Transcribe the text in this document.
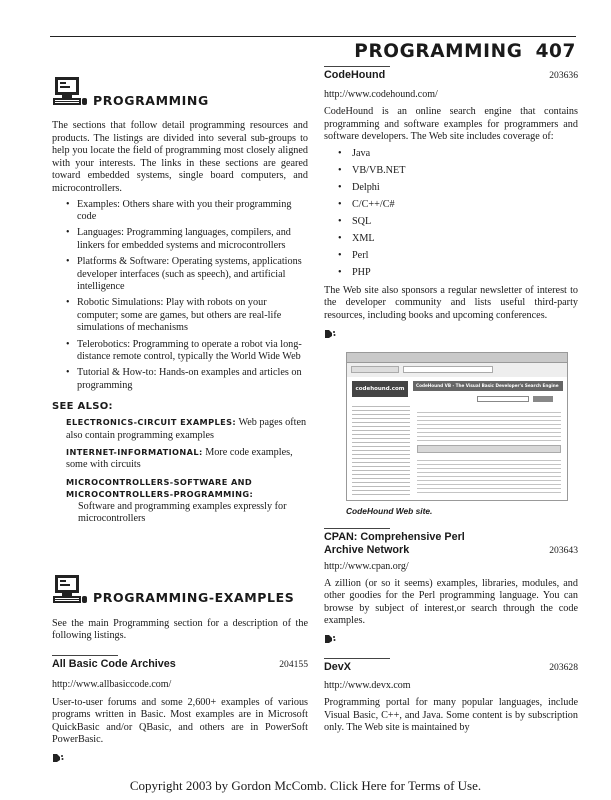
PROGRAMMING 407
PROGRAMMING

The sections that follow detail programming resources and products. The listings are divided into several sub-groups to help you locate the field of programming most closely aligned with your interests. The links in these sections are geared toward embedded systems, single board computers, and microcontrollers.

• Examples: Others share with you their programming code
• Languages: Programming languages, compilers, and linkers for embedded systems and microcontrollers
• Platforms & Software: Operating systems, applications developer interfaces (such as speech), and artificial intelligence
• Robotic Simulations: Play with robots on your computer; some are games, but others are real-life simulations of mechanisms
• Telerobotics: Programming to operate a robot via long-distance remote control, typically the World Wide Web
• Tutorial & How-to: Hands-on examples and articles on programming
SEE ALSO:
ELECTRONICS-CIRCUIT EXAMPLES: Web pages often also contain programming examples
INTERNET-INFORMATIONAL: More code examples, some with circuits
MICROCONTROLLERS-SOFTWARE AND MICROCONTROLLERS-PROGRAMMING:
Software and programming examples expressly for microcontrollers
PROGRAMMING-EXAMPLES

See the main Programming section for a description of the following listings.

All Basic Code Archives	204155
http://www.allbasiccode.com/

User-to-user forums and some 2,600+ examples of various programs written in Basic. Most examples are in Microsoft QuickBasic and/or QBasic, and others are in PowerSoft PowerBasic.

CodeHound	203636
http://www.codehound.com/

CodeHound is an online search engine that contains programming and software examples for programmers and software developers. The Web site includes coverage of:

• Java
• VB/VB.NET
• Delphi
• C/C++/C#
• SQL
• XML
• Perl
• PHP

The Web site also sponsors a regular newsletter of interest to the developer community and lists useful third-party resources, including books and upcoming conferences.

codehound.com
CodeHound VB - The Visual Basic Developer's Search Engine
CodeHound Web site.
CPAN: Comprehensive Perl
Archive Network	203643
http://www.cpan.org/

A zillion (or so it seems) examples, libraries, modules, and other goodies for the Perl programming language. You can browse by subject of interest,or search through the code examples.

DevX	203628
http://www.devx.com

Programming portal for many popular languages, include Visual Basic, C++, and Java. Some content is by subscription only. The Web site is maintained by

Copyright 2003 by Gordon McComb. Click Here for Terms of Use.
